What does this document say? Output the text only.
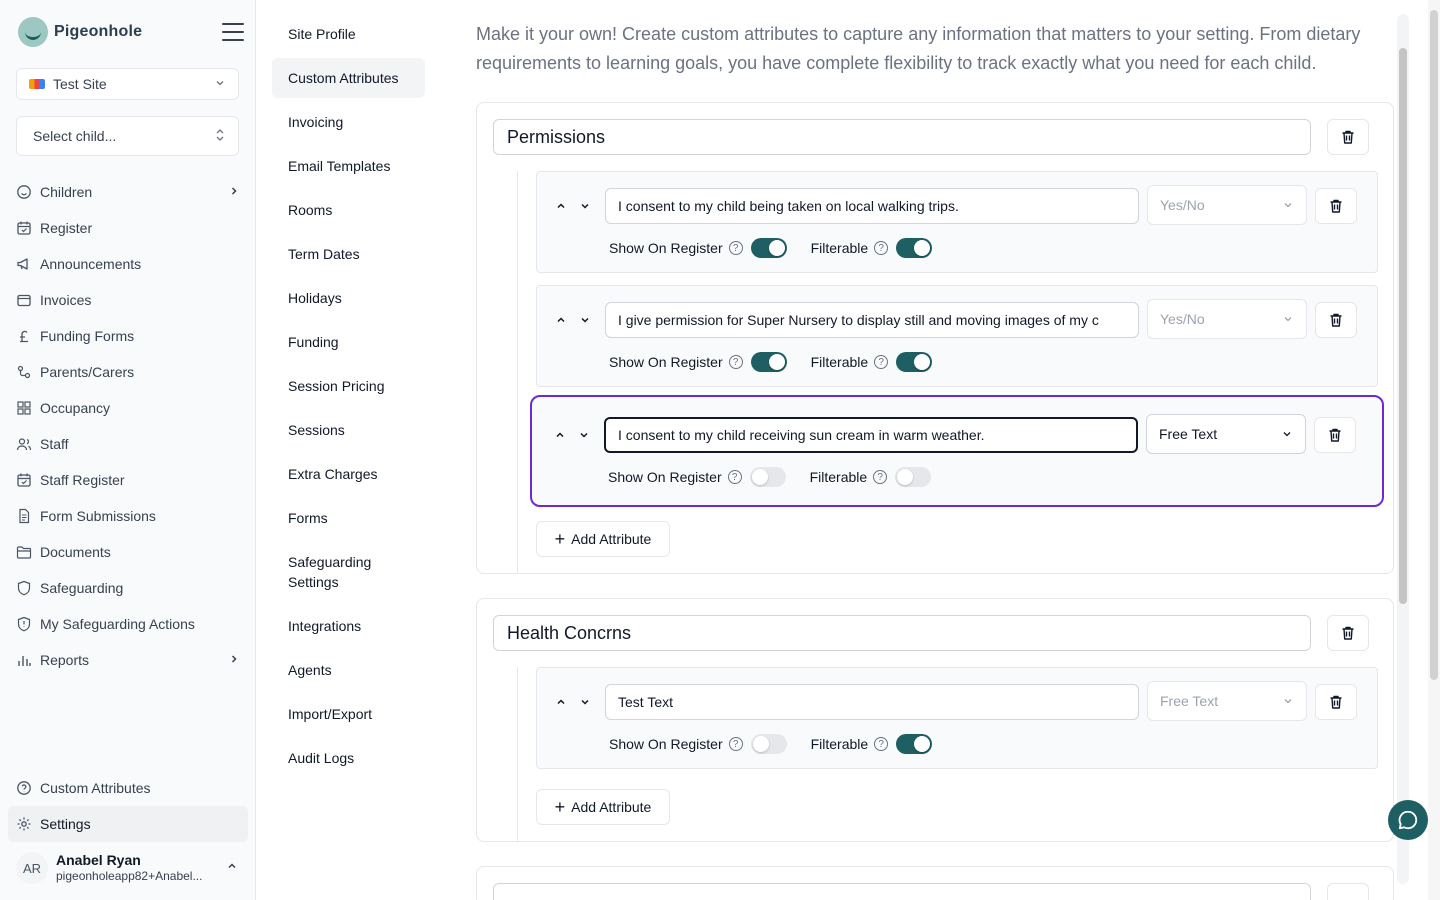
Pigeonhole
Test Site
Select child...
Children
Register
Announcements
Invoices
Funding Forms
Parents/Carers
Occupancy
Staff
Staff Register
Form Submissions
Documents
Safeguarding
My Safeguarding Actions
Reports
Custom Attributes
Settings
AR	Anabel Ryan
pigeonholeapp82+Anabel...
Site Profile
Custom Attributes
Invoicing
Email Templates
Rooms
Term Dates
Holidays
Funding
Session Pricing
Sessions
Extra Charges
Forms
Safeguarding Settings
Integrations
Agents
Import/Export
Audit Logs
Make it your own! Create custom attributes to capture any information that matters to your setting. From dietary requirements to learning goals, you have complete flexibility to track exactly what you need for each child.
Permissions
I consent to my child being taken on local walking trips.	Yes/No
Show On Register	?	Filterable	?
I give permission for Super Nursery to display still and moving images of my c	Yes/No
Show On Register	?	Filterable	?
I consent to my child receiving sun cream in warm weather.	Free Text
Show On Register	?	Filterable	?
+ Add Attribute
Health Concrns
Test Text	Free Text
Show On Register	?	Filterable	?
+ Add Attribute
